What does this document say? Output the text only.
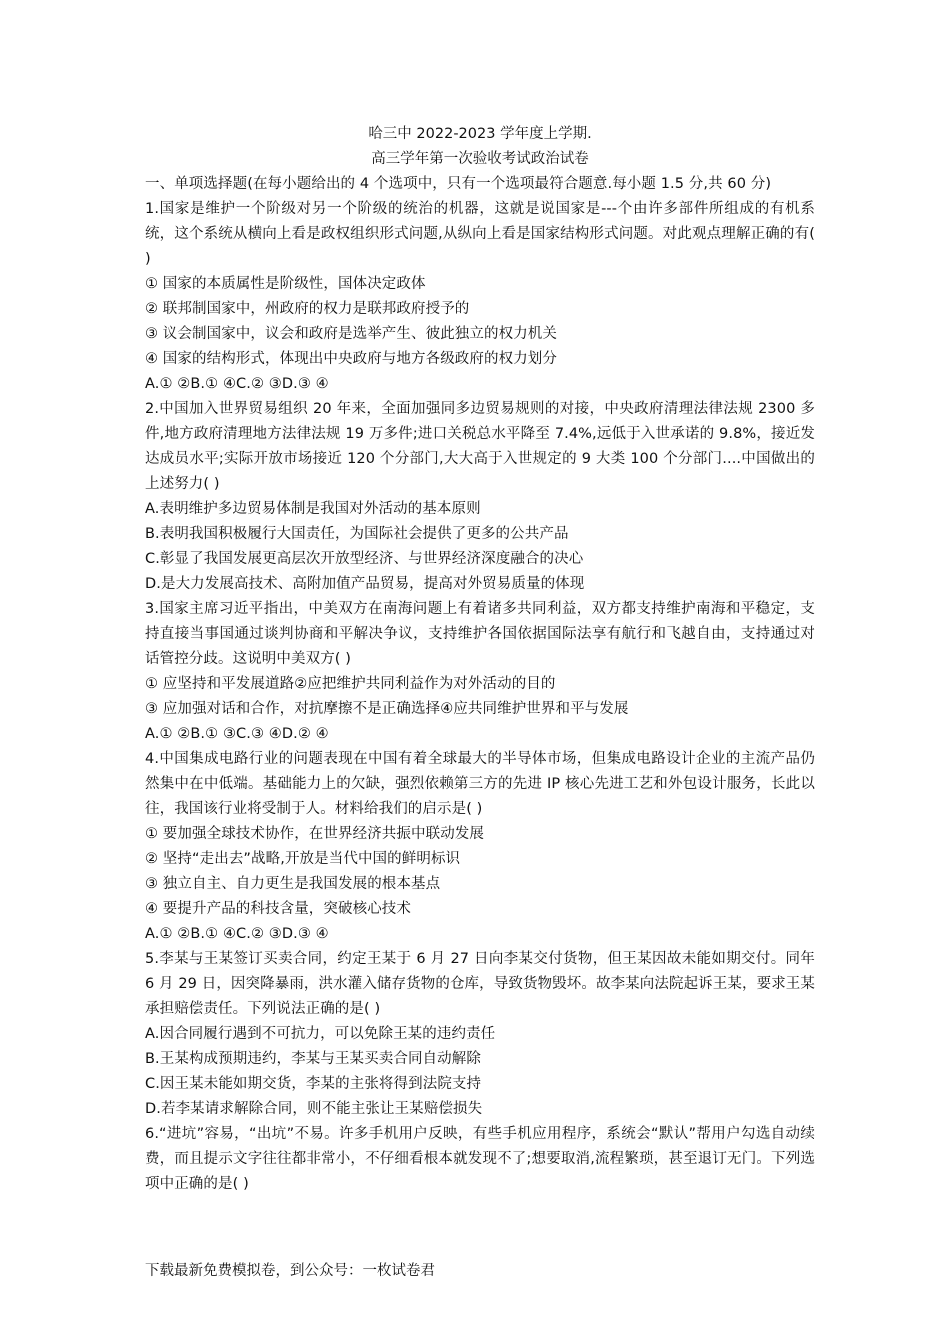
哈三中 2022-2023 学年度上学期.

高三学年第一次验收考试政治试卷

一、单项选择题(在每小题给出的 4 个选项中，只有一个选项最符合题意.每小题 1.5 分,共 60 分)

1.国家是维护一个阶级对另一个阶级的统治的机器，这就是说国家是---个由许多部件所组成的有机系统，这个系统从横向上看是政权组织形式问题,从纵向上看是国家结构形式问题。对此观点理解正确的有( )

① 国家的本质属性是阶级性，国体决定政体

② 联邦制国家中，州政府的权力是联邦政府授予的

③ 议会制国家中，议会和政府是选举产生、彼此独立的权力机关

④ 国家的结构形式，体现出中央政府与地方各级政府的权力划分

A.① ②B.① ④C.② ③D.③ ④

2.中国加入世界贸易组织 20 年来，全面加强同多边贸易规则的对接，中央政府清理法律法规 2300 多件,地方政府清理地方法律法规 19 万多件;进口关税总水平降至 7.4%,远低于入世承诺的 9.8%，接近发达成员水平;实际开放市场接近 120 个分部门,大大高于入世规定的 9 大类 100 个分部门....中国做出的上述努力( )

A.表明维护多边贸易体制是我国对外活动的基本原则

B.表明我国积极履行大国责任，为国际社会提供了更多的公共产品

C.彰显了我国发展更高层次开放型经济、与世界经济深度融合的决心

D.是大力发展高技术、高附加值产品贸易，提高对外贸易质量的体现

3.国家主席习近平指出，中美双方在南海问题上有着诸多共同利益，双方都支持维护南海和平稳定，支持直接当事国通过谈判协商和平解决争议，支持维护各国依据国际法享有航行和飞越自由，支持通过对话管控分歧。这说明中美双方( )

① 应坚持和平发展道路②应把维护共同利益作为对外活动的目的

③ 应加强对话和合作，对抗摩擦不是正确选择④应共同维护世界和平与发展

A.① ②B.① ③C.③ ④D.② ④

4.中国集成电路行业的问题表现在中国有着全球最大的半导体市场，但集成电路设计企业的主流产品仍然集中在中低端。基础能力上的欠缺，强烈依赖第三方的先进 IP 核心先进工艺和外包设计服务，长此以往，我国该行业将受制于人。材料给我们的启示是( )

① 要加强全球技术协作，在世界经济共振中联动发展

② 坚持“走出去”战略,开放是当代中国的鲜明标识

③ 独立自主、自力更生是我国发展的根本基点

④ 要提升产品的科技含量，突破核心技术

A.① ②B.① ④C.② ③D.③ ④

5.李某与王某签订买卖合同，约定王某于 6 月 27 日向李某交付货物，但王某因故未能如期交付。同年 6 月 29 日，因突降暴雨，洪水灌入储存货物的仓库，导致货物毁坏。故李某向法院起诉王某，要求王某承担赔偿责任。下列说法正确的是( )

A.因合同履行遇到不可抗力，可以免除王某的违约责任

B.王某构成预期违约，李某与王某买卖合同自动解除

C.因王某未能如期交货，李某的主张将得到法院支持

D.若李某请求解除合同，则不能主张让王某赔偿损失

6.“进坑”容易，“出坑”不易。许多手机用户反映，有些手机应用程序，系统会“默认”帮用户勾选自动续费，而且提示文字往往都非常小，不仔细看根本就发现不了;想要取消,流程繁琐，甚至退订无门。下列选项中正确的是( )

下载最新免费模拟卷，到公众号：一枚试卷君
